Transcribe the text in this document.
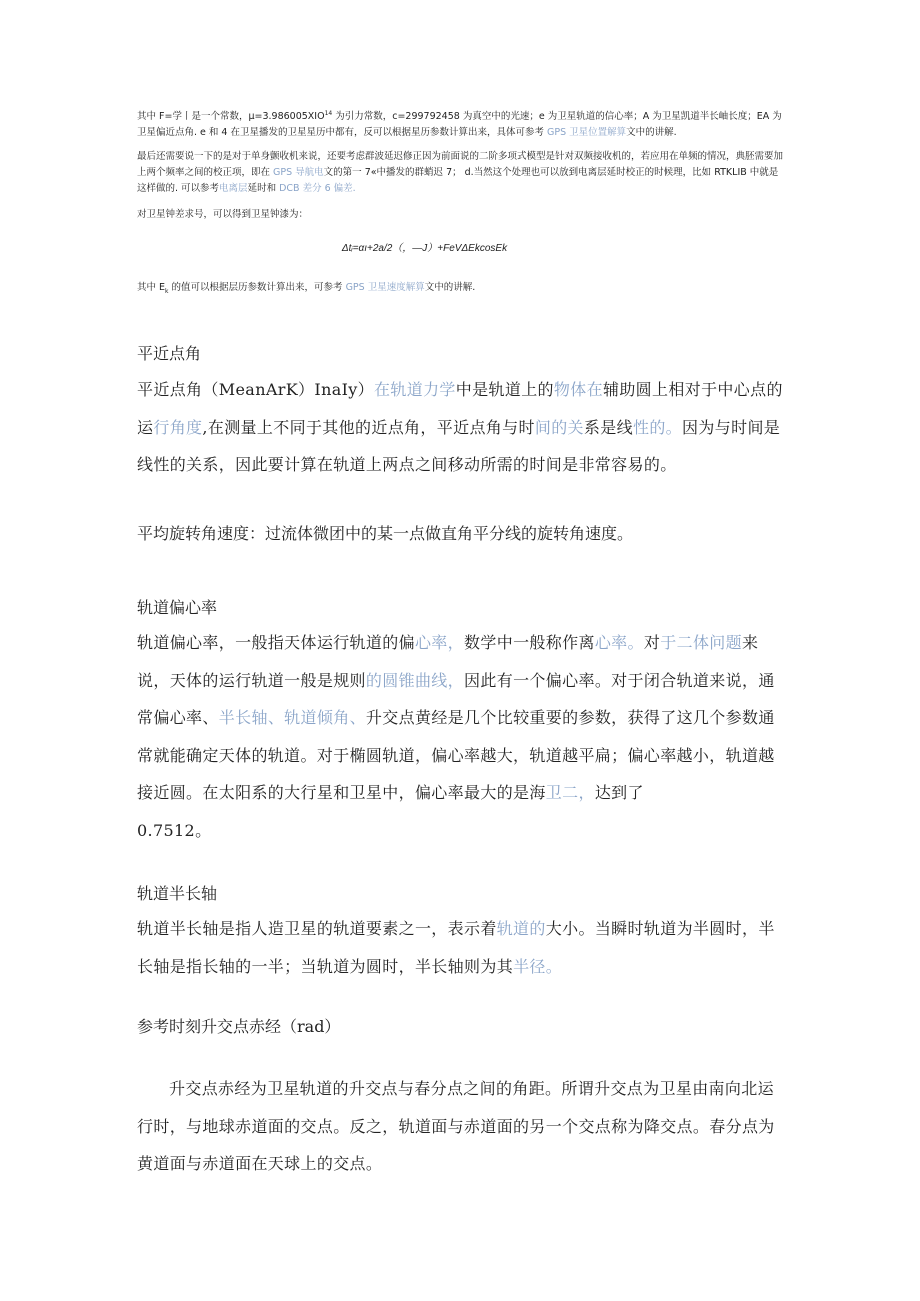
其中 F=学丨是一个常数，$\mu=3.986005XIO^{14}$ 为引力常数，c=299792458 为真空中的光速；e 为卫星轨道的信心率；A 为卫星凯道半长岫长度；EA 为卫星偏近点角. e 和 4 在卫星播发的卫星星历中都有，反可以根据星历参数计算出来，具体可参考 GPS 卫星位置解算文中的讲解.

最后还需要说一下的是对于单身颤收机来说，还要考虑群波延迟修正因为前面说的二阶多项式模型是针对双频接收机的，若应用在单频的情况，典胚需要加上两个频率之间的校正项，即在 GPS 导航电文的第一 7«中播发的群蛸迟 7； d.当然这个处理也可以放到电离层延时校正的时候理，比如 RTKLIB 中就是这样做的. 可以参考电离层延时和 DCB 差分 6 偏差.

对卫星钟差求号，可以得到卫星钟漆为：

Δtᵢ=αı+2a/2（，—J）+FeVΔEkcosEk

其中 $E_k$ 的值可以根据层历参数计算出来，可参考 GPS 卫星速度解算文中的讲解.

平近点角

平近点角（MeanArK）InaIy）在轨道力学中是轨道上的物体在辅助圆上相对于中心点的运行角度,在测量上不同于其他的近点角，平近点角与时间的关系是线性的。因为与时间是线性的关系，因此要计算在轨道上两点之间移动所需的时间是非常容易的。

平均旋转角速度：过流体微团中的某一点做直角平分线的旋转角速度。

轨道偏心率

轨道偏心率，一般指天体运行轨道的偏心率，数学中一般称作离心率。对于二体问题来说，天体的运行轨道一般是规则的圆锥曲线，因此有一个偏心率。对于闭合轨道来说，通常偏心率、半长轴、轨道倾角、升交点黄经是几个比较重要的参数，获得了这几个参数通常就能确定天体的轨道。对于椭圆轨道，偏心率越大，轨道越平扁；偏心率越小，轨道越接近圆。在太阳系的大行星和卫星中，偏心率最大的是海卫二，达到了
0.7512。

轨道半长轴

轨道半长轴是指人造卫星的轨道要素之一，表示着轨道的大小。当瞬时轨道为半圆时，半长轴是指长轴的一半；当轨道为圆时，半长轴则为其半径。

参考时刻升交点赤经（rad）

升交点赤经为卫星轨道的升交点与春分点之间的角距。所谓升交点为卫星由南向北运行时，与地球赤道面的交点。反之，轨道面与赤道面的另一个交点称为降交点。春分点为黄道面与赤道面在天球上的交点。
